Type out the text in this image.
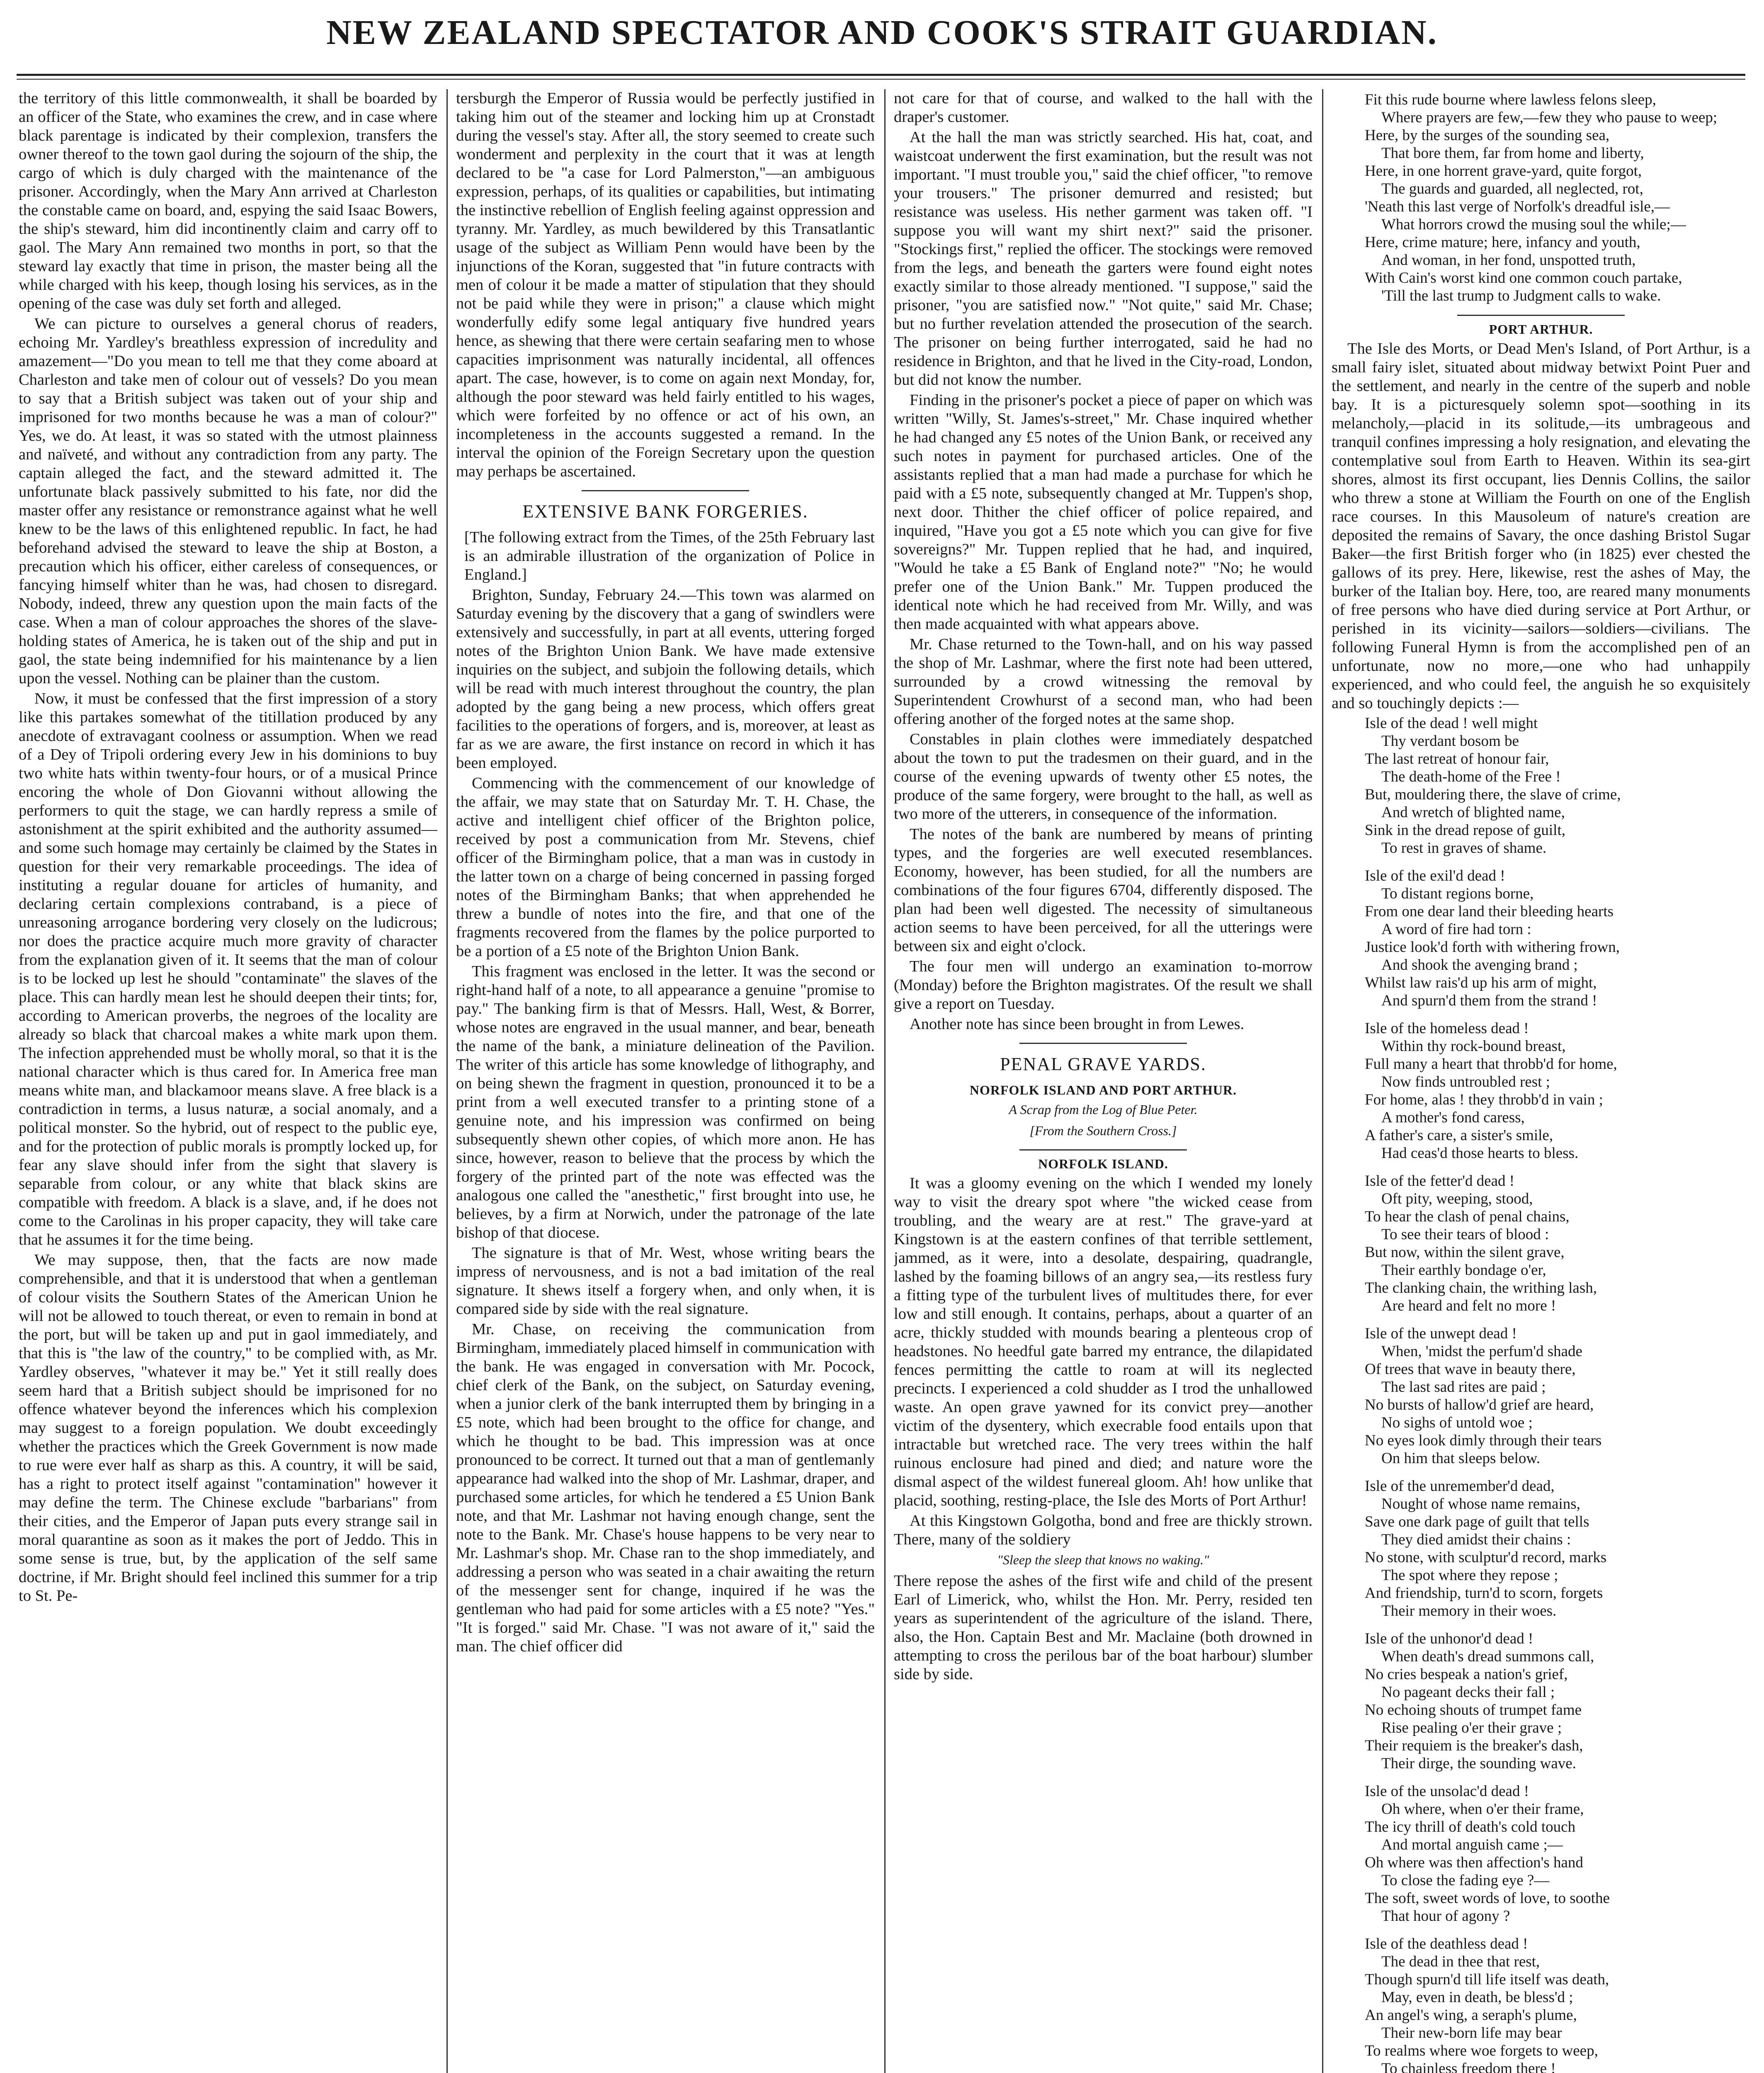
NEW ZEALAND SPECTATOR AND COOK'S STRAIT GUARDIAN.

the territory of this little commonwealth, it shall be boarded by an officer of the State, who examines the crew, and in case where black parentage is indicated by their complexion, transfers the owner thereof to the town gaol during the sojourn of the ship, the cargo of which is duly charged with the maintenance of the prisoner. Accordingly, when the Mary Ann arrived at Charleston the constable came on board, and, espying the said Isaac Bowers, the ship's steward, him did incontinently claim and carry off to gaol. The Mary Ann remained two months in port, so that the steward lay exactly that time in prison, the master being all the while charged with his keep, though losing his services, as in the opening of the case was duly set forth and alleged.

We can picture to ourselves a general chorus of readers, echoing Mr. Yardley's breathless expression of incredulity and amazement—"Do you mean to tell me that they come aboard at Charleston and take men of colour out of vessels? Do you mean to say that a British subject was taken out of your ship and imprisoned for two months because he was a man of colour?" Yes, we do. At least, it was so stated with the utmost plainness and naïveté, and without any contradiction from any party. The captain alleged the fact, and the steward admitted it. The unfortunate black passively submitted to his fate, nor did the master offer any resistance or remonstrance against what he well knew to be the laws of this enlightened republic. In fact, he had beforehand advised the steward to leave the ship at Boston, a precaution which his officer, either careless of consequences, or fancying himself whiter than he was, had chosen to disregard. Nobody, indeed, threw any question upon the main facts of the case. When a man of colour approaches the shores of the slave-holding states of America, he is taken out of the ship and put in gaol, the state being indemnified for his maintenance by a lien upon the vessel. Nothing can be plainer than the custom.

Now, it must be confessed that the first impression of a story like this partakes somewhat of the titillation produced by any anecdote of extravagant coolness or assumption. When we read of a Dey of Tripoli ordering every Jew in his dominions to buy two white hats within twenty-four hours, or of a musical Prince encoring the whole of Don Giovanni without allowing the performers to quit the stage, we can hardly repress a smile of astonishment at the spirit exhibited and the authority assumed—and some such homage may certainly be claimed by the States in question for their very remarkable proceedings. The idea of instituting a regular douane for articles of humanity, and declaring certain complexions contraband, is a piece of unreasoning arrogance bordering very closely on the ludicrous; nor does the practice acquire much more gravity of character from the explanation given of it. It seems that the man of colour is to be locked up lest he should "contaminate" the slaves of the place. This can hardly mean lest he should deepen their tints; for, according to American proverbs, the negroes of the locality are already so black that charcoal makes a white mark upon them. The infection apprehended must be wholly moral, so that it is the national character which is thus cared for. In America free man means white man, and blackamoor means slave. A free black is a contradiction in terms, a lusus naturæ, a social anomaly, and a political monster. So the hybrid, out of respect to the public eye, and for the protection of public morals is promptly locked up, for fear any slave should infer from the sight that slavery is separable from colour, or any white that black skins are compatible with freedom. A black is a slave, and, if he does not come to the Carolinas in his proper capacity, they will take care that he assumes it for the time being.

We may suppose, then, that the facts are now made comprehensible, and that it is understood that when a gentleman of colour visits the Southern States of the American Union he will not be allowed to touch thereat, or even to remain in bond at the port, but will be taken up and put in gaol immediately, and that this is "the law of the country," to be complied with, as Mr. Yardley observes, "whatever it may be." Yet it still really does seem hard that a British subject should be imprisoned for no offence whatever beyond the inferences which his complexion may suggest to a foreign population. We doubt exceedingly whether the practices which the Greek Government is now made to rue were ever half as sharp as this. A country, it will be said, has a right to protect itself against "contamination" however it may define the term. The Chinese exclude "barbarians" from their cities, and the Emperor of Japan puts every strange sail in moral quarantine as soon as it makes the port of Jeddo. This in some sense is true, but, by the application of the self same doctrine, if Mr. Bright should feel inclined this summer for a trip to St. Pe-

tersburgh the Emperor of Russia would be perfectly justified in taking him out of the steamer and locking him up at Cronstadt during the vessel's stay. After all, the story seemed to create such wonderment and perplexity in the court that it was at length declared to be "a case for Lord Palmerston,"—an ambiguous expression, perhaps, of its qualities or capabilities, but intimating the instinctive rebellion of English feeling against oppression and tyranny. Mr. Yardley, as much bewildered by this Transatlantic usage of the subject as William Penn would have been by the injunctions of the Koran, suggested that "in future contracts with men of colour it be made a matter of stipulation that they should not be paid while they were in prison;" a clause which might wonderfully edify some legal antiquary five hundred years hence, as shewing that there were certain seafaring men to whose capacities imprisonment was naturally incidental, all offences apart. The case, however, is to come on again next Monday, for, although the poor steward was held fairly entitled to his wages, which were forfeited by no offence or act of his own, an incompleteness in the accounts suggested a remand. In the interval the opinion of the Foreign Secretary upon the question may perhaps be ascertained.

EXTENSIVE BANK FORGERIES.

[The following extract from the Times, of the 25th February last is an admirable illustration of the organization of Police in England.]

Brighton, Sunday, February 24.—This town was alarmed on Saturday evening by the discovery that a gang of swindlers were extensively and successfully, in part at all events, uttering forged notes of the Brighton Union Bank. We have made extensive inquiries on the subject, and subjoin the following details, which will be read with much interest throughout the country, the plan adopted by the gang being a new process, which offers great facilities to the operations of forgers, and is, moreover, at least as far as we are aware, the first instance on record in which it has been employed.

Commencing with the commencement of our knowledge of the affair, we may state that on Saturday Mr. T. H. Chase, the active and intelligent chief officer of the Brighton police, received by post a communication from Mr. Stevens, chief officer of the Birmingham police, that a man was in custody in the latter town on a charge of being concerned in passing forged notes of the Birmingham Banks; that when apprehended he threw a bundle of notes into the fire, and that one of the fragments recovered from the flames by the police purported to be a portion of a £5 note of the Brighton Union Bank.

This fragment was enclosed in the letter. It was the second or right-hand half of a note, to all appearance a genuine "promise to pay." The banking firm is that of Messrs. Hall, West, & Borrer, whose notes are engraved in the usual manner, and bear, beneath the name of the bank, a miniature delineation of the Pavilion. The writer of this article has some knowledge of lithography, and on being shewn the fragment in question, pronounced it to be a print from a well executed transfer to a printing stone of a genuine note, and his impression was confirmed on being subsequently shewn other copies, of which more anon. He has since, however, reason to believe that the process by which the forgery of the printed part of the note was effected was the analogous one called the "anesthetic," first brought into use, he believes, by a firm at Norwich, under the patronage of the late bishop of that diocese.

The signature is that of Mr. West, whose writing bears the impress of nervousness, and is not a bad imitation of the real signature. It shews itself a forgery when, and only when, it is compared side by side with the real signature.

Mr. Chase, on receiving the communication from Birmingham, immediately placed himself in communication with the bank. He was engaged in conversation with Mr. Pocock, chief clerk of the Bank, on the subject, on Saturday evening, when a junior clerk of the bank interrupted them by bringing in a £5 note, which had been brought to the office for change, and which he thought to be bad. This impression was at once pronounced to be correct. It turned out that a man of gentlemanly appearance had walked into the shop of Mr. Lashmar, draper, and purchased some articles, for which he tendered a £5 Union Bank note, and that Mr. Lashmar not having enough change, sent the note to the Bank. Mr. Chase's house happens to be very near to Mr. Lashmar's shop. Mr. Chase ran to the shop immediately, and addressing a person who was seated in a chair awaiting the return of the messenger sent for change, inquired if he was the gentleman who had paid for some articles with a £5 note? "Yes." "It is forged." said Mr. Chase. "I was not aware of it," said the man. The chief officer did

not care for that of course, and walked to the hall with the draper's customer.

At the hall the man was strictly searched. His hat, coat, and waistcoat underwent the first examination, but the result was not important. "I must trouble you," said the chief officer, "to remove your trousers." The prisoner demurred and resisted; but resistance was useless. His nether garment was taken off. "I suppose you will want my shirt next?" said the prisoner. "Stockings first," replied the officer. The stockings were removed from the legs, and beneath the garters were found eight notes exactly similar to those already mentioned. "I suppose," said the prisoner, "you are satisfied now." "Not quite," said Mr. Chase; but no further revelation attended the prosecution of the search. The prisoner on being further interrogated, said he had no residence in Brighton, and that he lived in the City-road, London, but did not know the number.

Finding in the prisoner's pocket a piece of paper on which was written "Willy, St. James's-street," Mr. Chase inquired whether he had changed any £5 notes of the Union Bank, or received any such notes in payment for purchased articles. One of the assistants replied that a man had made a purchase for which he paid with a £5 note, subsequently changed at Mr. Tuppen's shop, next door. Thither the chief officer of police repaired, and inquired, "Have you got a £5 note which you can give for five sovereigns?" Mr. Tuppen replied that he had, and inquired, "Would he take a £5 Bank of England note?" "No; he would prefer one of the Union Bank." Mr. Tuppen produced the identical note which he had received from Mr. Willy, and was then made acquainted with what appears above.

Mr. Chase returned to the Town-hall, and on his way passed the shop of Mr. Lashmar, where the first note had been uttered, surrounded by a crowd witnessing the removal by Superintendent Crowhurst of a second man, who had been offering another of the forged notes at the same shop.

Constables in plain clothes were immediately despatched about the town to put the tradesmen on their guard, and in the course of the evening upwards of twenty other £5 notes, the produce of the same forgery, were brought to the hall, as well as two more of the utterers, in consequence of the information.

The notes of the bank are numbered by means of printing types, and the forgeries are well executed resemblances. Economy, however, has been studied, for all the numbers are combinations of the four figures 6704, differently disposed. The plan had been well digested. The necessity of simultaneous action seems to have been perceived, for all the utterings were between six and eight o'clock.

The four men will undergo an examination to-morrow (Monday) before the Brighton magistrates. Of the result we shall give a report on Tuesday.

Another note has since been brought in from Lewes.

PENAL GRAVE YARDS.

NORFOLK ISLAND AND PORT ARTHUR.

A Scrap from the Log of Blue Peter.

[From the Southern Cross.]

NORFOLK ISLAND.

It was a gloomy evening on the which I wended my lonely way to visit the dreary spot where "the wicked cease from troubling, and the weary are at rest." The grave-yard at Kingstown is at the eastern confines of that terrible settlement, jammed, as it were, into a desolate, despairing, quadrangle, lashed by the foaming billows of an angry sea,—its restless fury a fitting type of the turbulent lives of multitudes there, for ever low and still enough. It contains, perhaps, about a quarter of an acre, thickly studded with mounds bearing a plenteous crop of headstones. No heedful gate barred my entrance, the dilapidated fences permitting the cattle to roam at will its neglected precincts. I experienced a cold shudder as I trod the unhallowed waste. An open grave yawned for its convict prey—another victim of the dysentery, which execrable food entails upon that intractable but wretched race. The very trees within the half ruinous enclosure had pined and died; and nature wore the dismal aspect of the wildest funereal gloom. Ah! how unlike that placid, soothing, resting-place, the Isle des Morts of Port Arthur!

At this Kingstown Golgotha, bond and free are thickly strown. There, many of the soldiery

"Sleep the sleep that knows no waking."

There repose the ashes of the first wife and child of the present Earl of Limerick, who, whilst the Hon. Mr. Perry, resided ten years as superintendent of the agriculture of the island. There, also, the Hon. Captain Best and Mr. Maclaine (both drowned in attempting to cross the perilous bar of the boat harbour) slumber side by side.

Fit this rude bourne where lawless felons sleep,
Where prayers are few,—few they who pause to weep;
Here, by the surges of the sounding sea,
That bore them, far from home and liberty,
Here, in one horrent grave-yard, quite forgot,
The guards and guarded, all neglected, rot,
'Neath this last verge of Norfolk's dreadful isle,—
What horrors crowd the musing soul the while;—
Here, crime mature; here, infancy and youth,
And woman, in her fond, unspotted truth,
With Cain's worst kind one common couch partake,
'Till the last trump to Judgment calls to wake.

PORT ARTHUR.

The Isle des Morts, or Dead Men's Island, of Port Arthur, is a small fairy islet, situated about midway betwixt Point Puer and the settlement, and nearly in the centre of the superb and noble bay. It is a picturesquely solemn spot—soothing in its melancholy,—placid in its solitude,—its umbrageous and tranquil confines impressing a holy resignation, and elevating the contemplative soul from Earth to Heaven. Within its sea-girt shores, almost its first occupant, lies Dennis Collins, the sailor who threw a stone at William the Fourth on one of the English race courses. In this Mausoleum of nature's creation are deposited the remains of Savary, the once dashing Bristol Sugar Baker—the first British forger who (in 1825) ever chested the gallows of its prey. Here, likewise, rest the ashes of May, the burker of the Italian boy. Here, too, are reared many monuments of free persons who have died during service at Port Arthur, or perished in its vicinity—sailors—soldiers—civilians. The following Funeral Hymn is from the accomplished pen of an unfortunate, now no more,—one who had unhappily experienced, and who could feel, the anguish he so exquisitely and so touchingly depicts :—

Isle of the dead ! well might
Thy verdant bosom be
The last retreat of honour fair,
The death-home of the Free !
But, mouldering there, the slave of crime,
And wretch of blighted name,
Sink in the dread repose of guilt,
To rest in graves of shame.
Isle of the exil'd dead !
To distant regions borne,
From one dear land their bleeding hearts
A word of fire had torn :
Justice look'd forth with withering frown,
And shook the avenging brand ;
Whilst law rais'd up his arm of might,
And spurn'd them from the strand !
Isle of the homeless dead !
Within thy rock-bound breast,
Full many a heart that throbb'd for home,
Now finds untroubled rest ;
For home, alas ! they throbb'd in vain ;
A mother's fond caress,
A father's care, a sister's smile,
Had ceas'd those hearts to bless.
Isle of the fetter'd dead !
Oft pity, weeping, stood,
To hear the clash of penal chains,
To see their tears of blood :
But now, within the silent grave,
Their earthly bondage o'er,
The clanking chain, the writhing lash,
Are heard and felt no more !
Isle of the unwept dead !
When, 'midst the perfum'd shade
Of trees that wave in beauty there,
The last sad rites are paid ;
No bursts of hallow'd grief are heard,
No sighs of untold woe ;
No eyes look dimly through their tears
On him that sleeps below.
Isle of the unremember'd dead,
Nought of whose name remains,
Save one dark page of guilt that tells
They died amidst their chains :
No stone, with sculptur'd record, marks
The spot where they repose ;
And friendship, turn'd to scorn, forgets
Their memory in their woes.
Isle of the unhonor'd dead !
When death's dread summons call,
No cries bespeak a nation's grief,
No pageant decks their fall ;
No echoing shouts of trumpet fame
Rise pealing o'er their grave ;
Their requiem is the breaker's dash,
Their dirge, the sounding wave.
Isle of the unsolac'd dead !
Oh where, when o'er their frame,
The icy thrill of death's cold touch
And mortal anguish came ;—
Oh where was then affection's hand
To close the fading eye ?—
The soft, sweet words of love, to soothe
That hour of agony ?
Isle of the deathless dead !
The dead in thee that rest,
Though spurn'd till life itself was death,
May, even in death, be bless'd ;
An angel's wing, a seraph's plume,
Their new-born life may bear
To realms where woe forgets to weep,
To chainless freedom there !
